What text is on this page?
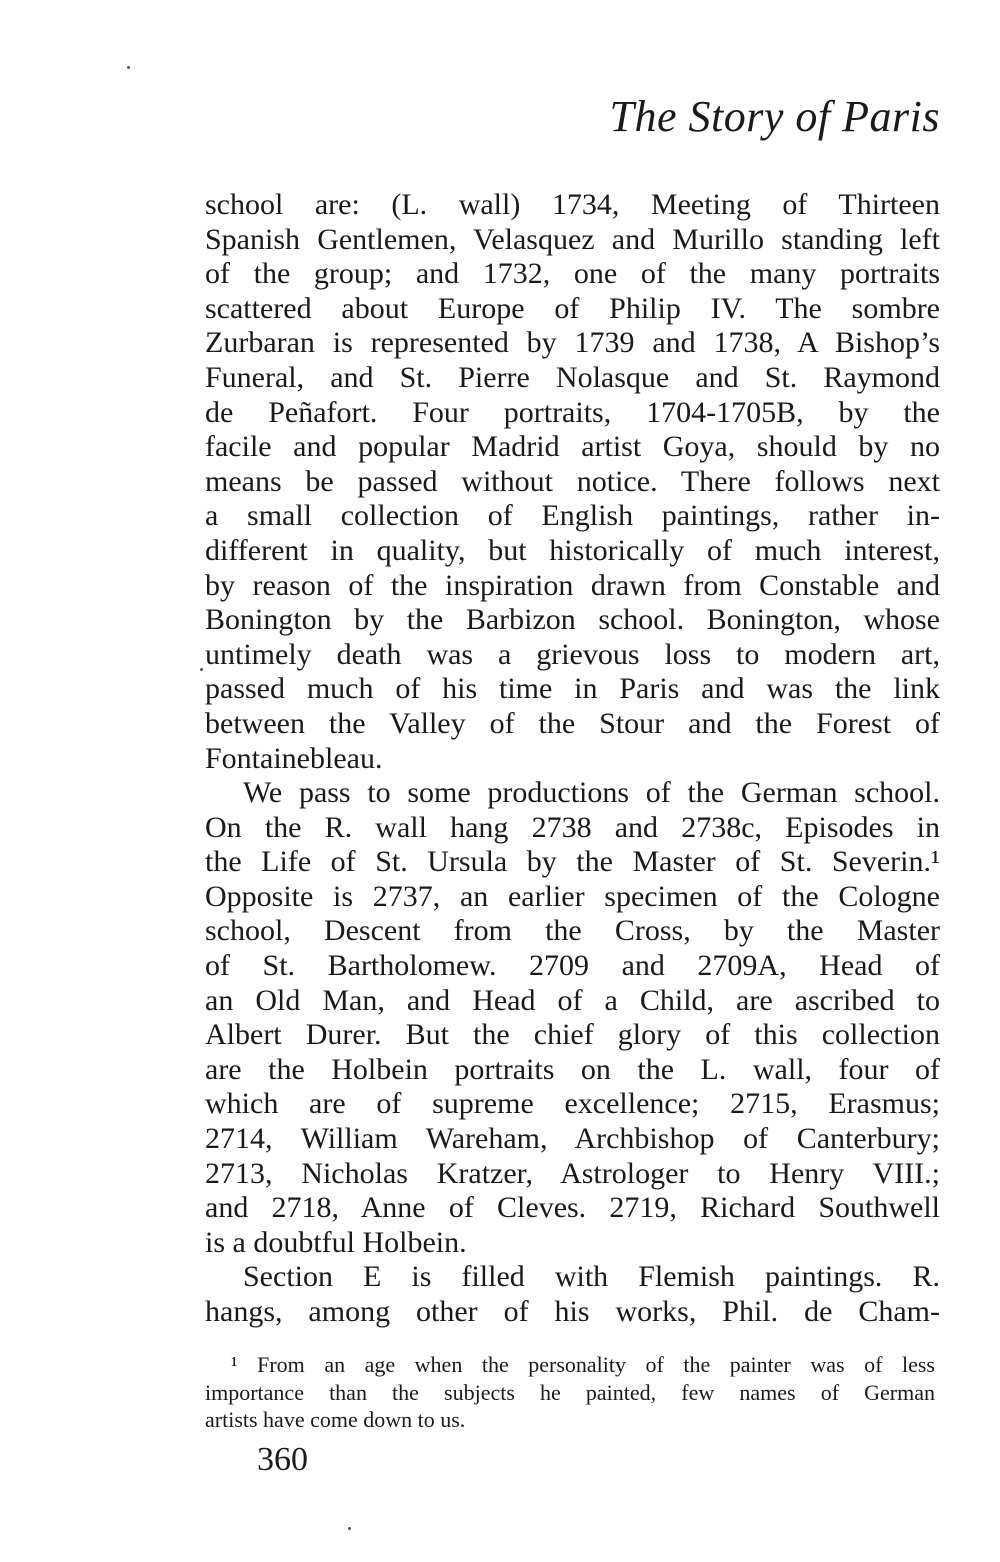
The Story of Paris
school are: (L. wall) 1734, Meeting of Thirteen
Spanish Gentlemen, Velasquez and Murillo standing left
of the group; and 1732, one of the many portraits
scattered about Europe of Philip IV. The sombre
Zurbaran is represented by 1739 and 1738, A Bishop’s
Funeral, and St. Pierre Nolasque and St. Raymond
de Peñafort. Four portraits, 1704-1705B, by the
facile and popular Madrid artist Goya, should by no
means be passed without notice. There follows next
a small collection of English paintings, rather in-
different in quality, but historically of much interest,
by reason of the inspiration drawn from Constable and
Bonington by the Barbizon school. Bonington, whose
untimely death was a grievous loss to modern art,
passed much of his time in Paris and was the link
between the Valley of the Stour and the Forest of
Fontainebleau.
We pass to some productions of the German school.
On the R. wall hang 2738 and 2738c, Episodes in
the Life of St. Ursula by the Master of St. Severin.¹
Opposite is 2737, an earlier specimen of the Cologne
school, Descent from the Cross, by the Master
of St. Bartholomew. 2709 and 2709A, Head of
an Old Man, and Head of a Child, are ascribed to
Albert Durer. But the chief glory of this collection
are the Holbein portraits on the L. wall, four of
which are of supreme excellence; 2715, Erasmus;
2714, William Wareham, Archbishop of Canterbury;
2713, Nicholas Kratzer, Astrologer to Henry VIII.;
and 2718, Anne of Cleves. 2719, Richard Southwell
is a doubtful Holbein.
Section E is filled with Flemish paintings. R.
hangs, among other of his works, Phil. de Cham-
¹ From an age when the personality of the painter was of less
importance than the subjects he painted, few names of German
artists have come down to us.
360
